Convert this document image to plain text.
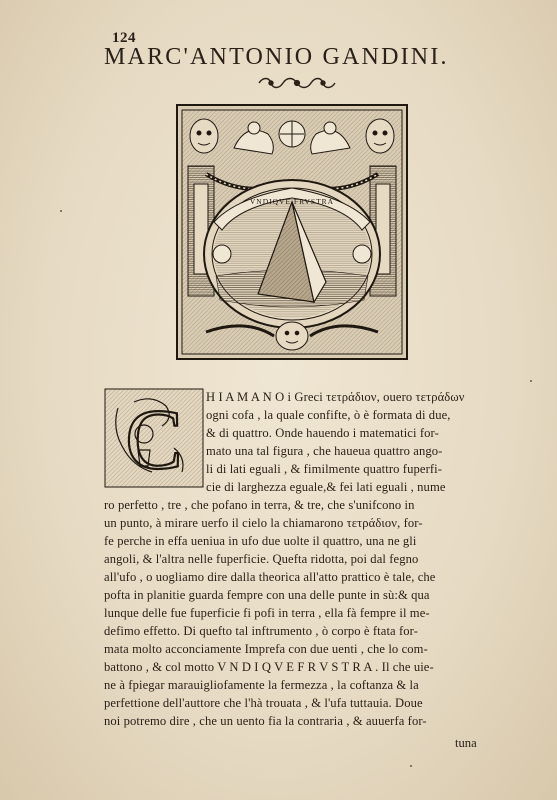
124
MARC'ANTONIO GANDINI.
VNDIQVE FRVSTRA
C H I A M A N O i Greci τετράδιον, ouero τετράδων
ogni cofa , la quale confifte, ò è formata di due,
& di quattro. Onde hauendo i matematici for-
mato una tal figura , che haueua quattro ango-
li di lati eguali , & fimilmente quattro fuperfi-
cie di larghezza eguale,& fei lati eguali , nume
ro perfetto , tre , che pofano in terra, & tre, che s'unifcono in
un punto, à mirare uerfo il cielo la chiamarono τετράδιον, for-
fe perche in effa ueniua in ufo due uolte il quattro, una ne gli
angoli, & l'altra nelle fuperficie. Quefta ridotta, poi dal fegno
all'ufo , o uogliamo dire dalla theorica all'atto prattico è tale, che
pofta in planitie guarda fempre con una delle punte in sù:& qua
lunque delle fue fuperficie fi pofi in terra , ella fà fempre il me-
defimo effetto. Di quefto tal inftrumento , ò corpo è ftata for-
mata molto acconciamente Imprefa con due uenti , che lo com-
battono , & col motto V N D I Q V E F R V S T R A . Il che uie-
ne à fpiegar marauigliofamente la fermezza , la coftanza & la
perfettione dell'auttore che l'hà trouata , & l'ufa tuttauia. Doue
noi potremo dire , che un uento fia la contraria , & auuerfa for-
tuna
